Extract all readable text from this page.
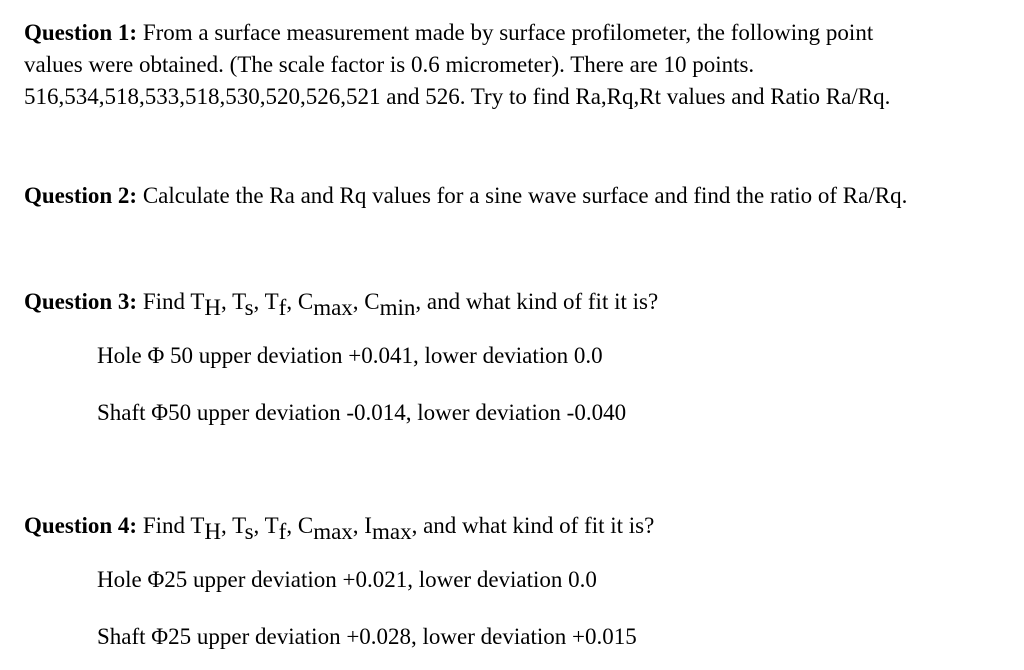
Question 1: From a surface measurement made by surface profilometer, the following point
values were obtained. (The scale factor is 0.6 micrometer). There are 10 points.
516,534,518,533,518,530,520,526,521 and 526. Try to find Ra,Rq,Rt values and Ratio Ra/Rq.
Question 2: Calculate the Ra and Rq values for a sine wave surface and find the ratio of Ra/Rq.
Question 3: Find TH, Ts, Tf, Cmax, Cmin, and what kind of fit it is?
Hole Φ 50 upper deviation +0.041, lower deviation 0.0
Shaft Φ50 upper deviation -0.014, lower deviation -0.040
Question 4: Find TH, Ts, Tf, Cmax, Imax, and what kind of fit it is?
Hole Φ25 upper deviation +0.021, lower deviation 0.0
Shaft Φ25 upper deviation +0.028, lower deviation +0.015
